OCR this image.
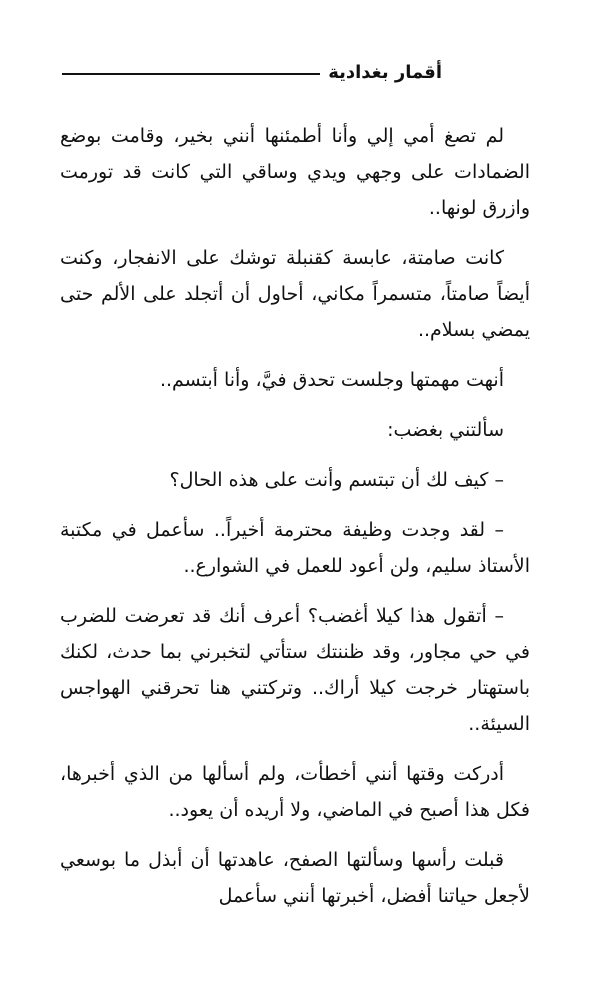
أقمار بغدادية

لم تصغ أمي إلي وأنا أطمئنها أنني بخير، وقامت بوضع الضمادات على وجهي ويدي وساقي التي كانت قد تورمت وازرق لونها..

كانت صامتة، عابسة كقنبلة توشك على الانفجار، وكنت أيضاً صامتاً، متسمراً مكاني، أحاول أن أتجلد على الألم حتى يمضي بسلام..

أنهت مهمتها وجلست تحدق فيَّ، وأنا أبتسم..

سألتني بغضب:

– كيف لك أن تبتسم وأنت على هذه الحال؟

– لقد وجدت وظيفة محترمة أخيراً.. سأعمل في مكتبة الأستاذ سليم، ولن أعود للعمل في الشوارع..

– أتقول هذا كيلا أغضب؟ أعرف أنك قد تعرضت للضرب في حي مجاور، وقد ظننتك ستأتي لتخبرني بما حدث، لكنك باستهتار خرجت كيلا أراك.. وتركتني هنا تحرقني الهواجس السيئة..

أدركت وقتها أنني أخطأت، ولم أسألها من الذي أخبرها، فكل هذا أصبح في الماضي، ولا أريده أن يعود..

قبلت رأسها وسألتها الصفح، عاهدتها أن أبذل ما بوسعي لأجعل حياتنا أفضل، أخبرتها أنني سأعمل
